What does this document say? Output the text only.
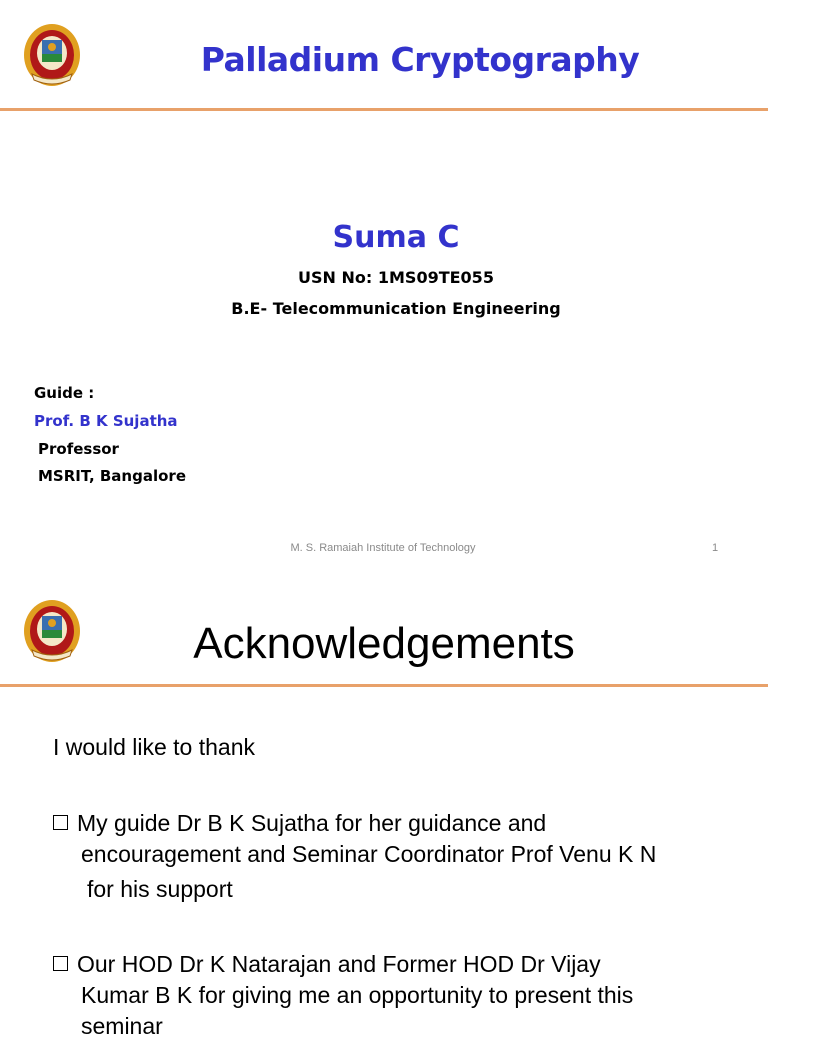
Palladium Cryptography
Suma C
USN No: 1MS09TE055
B.E- Telecommunication Engineering
Guide :
Prof. B K Sujatha
Professor
MSRIT, Bangalore
M. S. Ramaiah Institute of Technology	1
Acknowledgements
I would like to thank
My guide Dr B K Sujatha for her guidance and
encouragement and Seminar Coordinator Prof Venu K N
for his support
Our HOD Dr K Natarajan and Former HOD Dr Vijay
Kumar B K for giving me an opportunity to present this
seminar
